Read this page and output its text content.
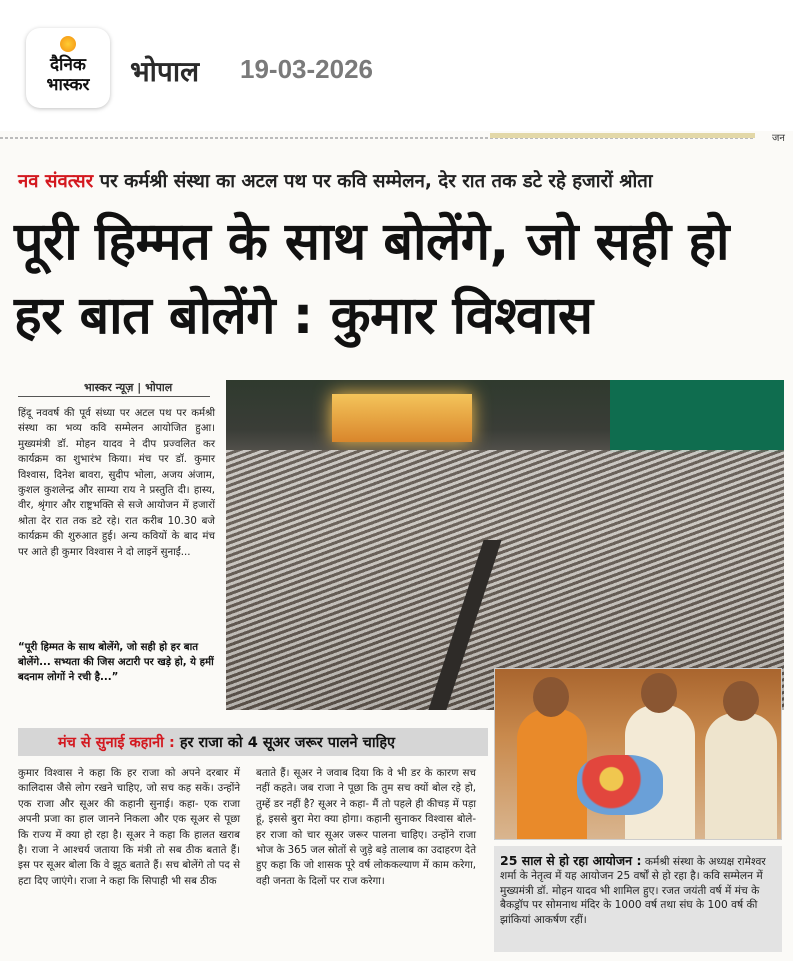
दैनिक
भास्कर	भोपाल 19-03-2026
जन
नव संवत्सर पर कर्मश्री संस्था का अटल पथ पर कवि सम्मेलन, देर रात तक डटे रहे हजारों श्रोता
पूरी हिम्मत के साथ बोलेंगे, जो सही हो हर बात बोलेंगे : कुमार विश्वास
भास्कर न्यूज़ | भोपाल
हिंदू नववर्ष की पूर्व संध्या पर अटल पथ पर कर्मश्री संस्था का भव्य कवि सम्मेलन आयोजित हुआ। मुख्यमंत्री डॉ. मोहन यादव ने दीप प्रज्वलित कर कार्यक्रम का शुभारंभ किया। मंच पर डॉ. कुमार विश्वास, दिनेश बावरा, सुदीप भोला, अजय अंजाम, कुशल कुशलेन्द्र और साम्या राय ने प्रस्तुति दी। हास्य, वीर, श्रृंगार और राष्ट्रभक्ति से सजे आयोजन में हजारों श्रोता देर रात तक डटे रहे। रात करीब 10.30 बजे कार्यक्रम की शुरुआत हुई। अन्य कवियों के बाद मंच पर आते ही कुमार विश्वास ने दो लाइनें सुनाईं...
“पूरी हिम्मत के साथ बोलेंगे, जो सही हो हर बात बोलेंगे... सभ्यता की जिस अटारी पर खड़े हो, ये हमीं बदनाम लोगों ने रची है...”
मंच से सुनाई कहानी : हर राजा को 4 सूअर जरूर पालने चाहिए
कुमार विश्वास ने कहा कि हर राजा को अपने दरबार में कालिदास जैसे लोग रखने चाहिए, जो सच कह सकें। उन्होंने एक राजा और सूअर की कहानी सुनाई। कहा- एक राजा अपनी प्रजा का हाल जानने निकला और एक सूअर से पूछा कि राज्य में क्या हो रहा है। सूअर ने कहा कि हालत खराब है। राजा ने आश्चर्य जताया कि मंत्री तो सब ठीक बताते हैं। इस पर सूअर बोला कि वे झूठ बताते हैं। सच बोलेंगे तो पद से हटा दिए जाएंगे। राजा ने कहा कि सिपाही भी सब ठीक
बताते हैं। सूअर ने जवाब दिया कि वे भी डर के कारण सच नहीं कहते। जब राजा ने पूछा कि तुम सच क्यों बोल रहे हो, तुम्हें डर नहीं है? सूअर ने कहा- मैं तो पहले ही कीचड़ में पड़ा हूं, इससे बुरा मेरा क्या होगा। कहानी सुनाकर विश्वास बोले- हर राजा को चार सूअर जरूर पालना चाहिए। उन्होंने राजा भोज के 365 जल स्रोतों से जुड़े बड़े तालाब का उदाहरण देते हुए कहा कि जो शासक पूरे वर्ष लोककल्याण में काम करेगा, वही जनता के दिलों पर राज करेगा।
25 साल से हो रहा आयोजन : कर्मश्री संस्था के अध्यक्ष रामेश्वर शर्मा के नेतृत्व में यह आयोजन 25 वर्षों से हो रहा है। कवि सम्मेलन में मुख्यमंत्री डॉ. मोहन यादव भी शामिल हुए। रजत जयंती वर्ष में मंच के बैकड्रॉप पर सोमनाथ मंदिर के 1000 वर्ष तथा संघ के 100 वर्ष की झांकियां आकर्षण रहीं।
